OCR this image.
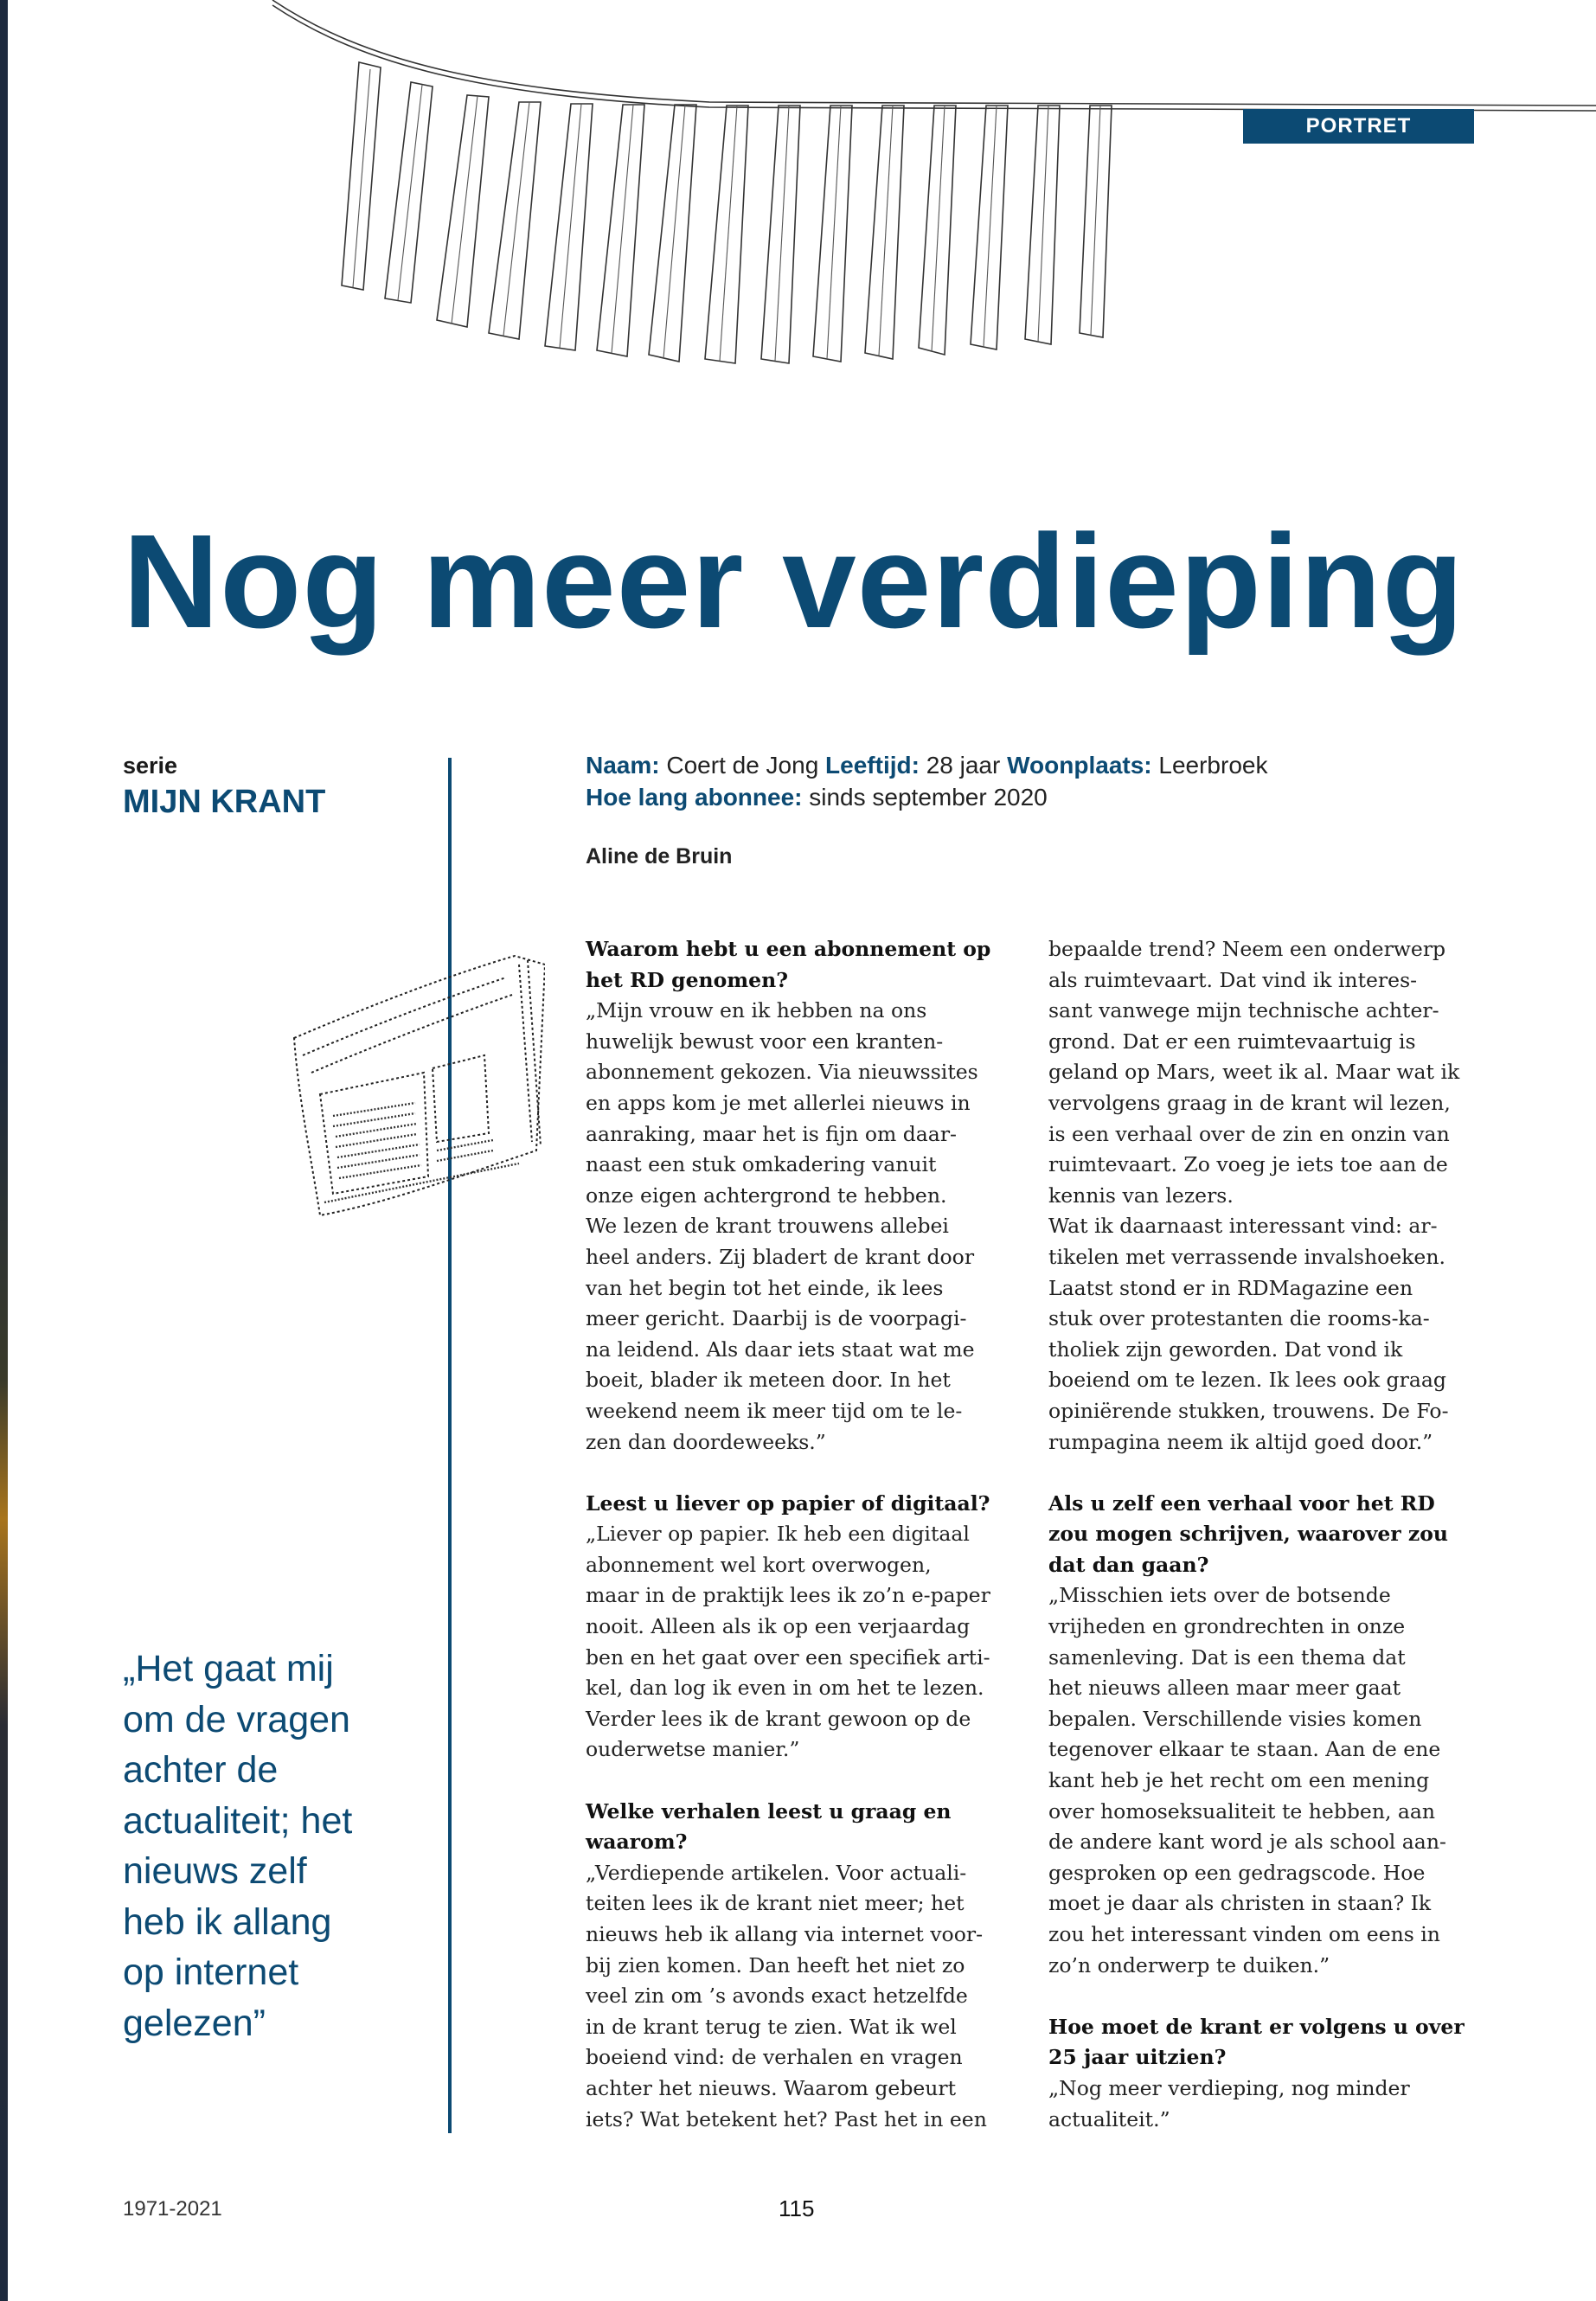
PORTRET
Nog meer verdieping
serie
MIJN KRANT
Naam: Coert de Jong Leeftijd: 28 jaar Woonplaats: Leerbroek
Hoe lang abonnee: sinds september 2020
Aline de Bruin
„Het gaat mij
om de vragen
achter de
actualiteit; het
nieuws zelf
heb ik allang
op internet
gelezen”

Waarom hebt u een abonnement op

het RD genomen?

„Mijn vrouw en ik hebben na ons

huwelijk bewust voor een kranten-

abonnement gekozen. Via nieuwssites

en apps kom je met allerlei nieuws in

aanraking, maar het is fijn om daar-

naast een stuk omkadering vanuit

onze eigen achtergrond te hebben.

We lezen de krant trouwens allebei

heel anders. Zij bladert de krant door

van het begin tot het einde, ik lees

meer gericht. Daarbij is de voorpagi-

na leidend. Als daar iets staat wat me

boeit, blader ik meteen door. In het

weekend neem ik meer tijd om te le-

zen dan doordeweeks.”

Leest u liever op papier of digitaal?

„Liever op papier. Ik heb een digitaal

abonnement wel kort overwogen,

maar in de praktijk lees ik zo’n e-paper

nooit. Alleen als ik op een verjaardag

ben en het gaat over een specifiek arti-

kel, dan log ik even in om het te lezen.

Verder lees ik de krant gewoon op de

ouderwetse manier.”

Welke verhalen leest u graag en

waarom?

„Verdiepende artikelen. Voor actuali-

teiten lees ik de krant niet meer; het

nieuws heb ik allang via internet voor-

bij zien komen. Dan heeft het niet zo

veel zin om ’s avonds exact hetzelfde

in de krant terug te zien. Wat ik wel

boeiend vind: de verhalen en vragen

achter het nieuws. Waarom gebeurt

iets? Wat betekent het? Past het in een

bepaalde trend? Neem een onderwerp

als ruimtevaart. Dat vind ik interes-

sant vanwege mijn technische achter-

grond. Dat er een ruimtevaartuig is

geland op Mars, weet ik al. Maar wat ik

vervolgens graag in de krant wil lezen,

is een verhaal over de zin en onzin van

ruimtevaart. Zo voeg je iets toe aan de

kennis van lezers.

Wat ik daarnaast interessant vind: ar-

tikelen met verrassende invalshoeken.

Laatst stond er in RDMagazine een

stuk over protestanten die rooms-ka-

tholiek zijn geworden. Dat vond ik

boeiend om te lezen. Ik lees ook graag

opiniërende stukken, trouwens. De Fo-

rumpagina neem ik altijd goed door.”

Als u zelf een verhaal voor het RD

zou mogen schrijven, waarover zou

dat dan gaan?

„Misschien iets over de botsende

vrijheden en grondrechten in onze

samenleving. Dat is een thema dat

het nieuws alleen maar meer gaat

bepalen. Verschillende visies komen

tegenover elkaar te staan. Aan de ene

kant heb je het recht om een mening

over homoseksualiteit te hebben, aan

de andere kant word je als school aan-

gesproken op een gedragscode. Hoe

moet je daar als christen in staan? Ik

zou het interessant vinden om eens in

zo’n onderwerp te duiken.”

Hoe moet de krant er volgens u over

25 jaar uitzien?

„Nog meer verdieping, nog minder

actualiteit.”

1971-2021	115
